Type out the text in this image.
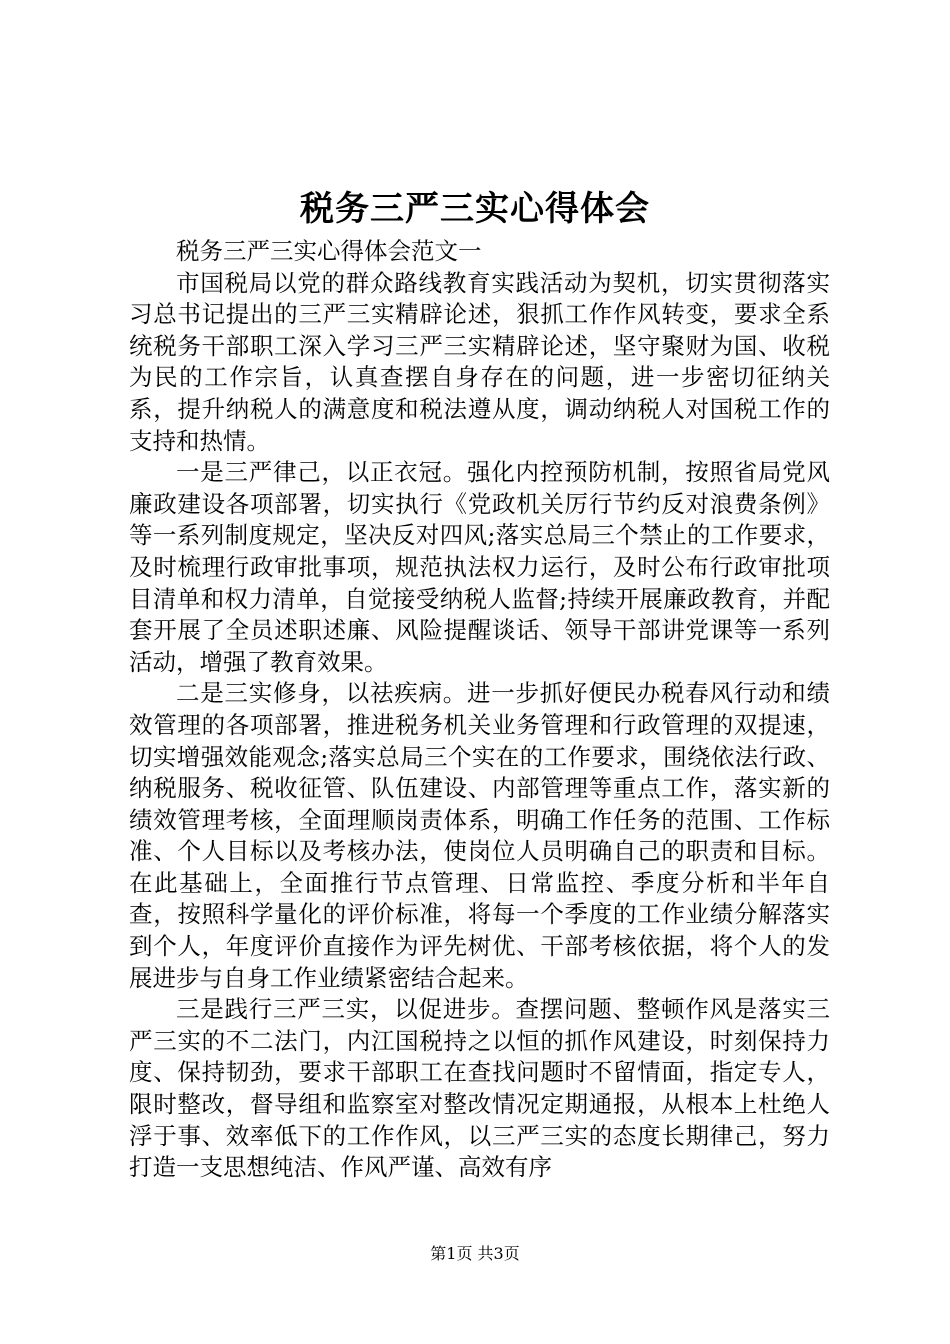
税务三严三实心得体会

税务三严三实心得体会范文一

市国税局以党的群众路线教育实践活动为契机，切实贯彻落实习总书记提出的三严三实精辟论述，狠抓工作作风转变，要求全系统税务干部职工深入学习三严三实精辟论述，坚守聚财为国、收税为民的工作宗旨，认真查摆自身存在的问题，进一步密切征纳关系，提升纳税人的满意度和税法遵从度，调动纳税人对国税工作的支持和热情。

一是三严律己，以正衣冠。强化内控预防机制，按照省局党风廉政建设各项部署，切实执行《党政机关厉行节约反对浪费条例》等一系列制度规定，坚决反对四风;落实总局三个禁止的工作要求，及时梳理行政审批事项，规范执法权力运行，及时公布行政审批项目清单和权力清单，自觉接受纳税人监督;持续开展廉政教育，并配套开展了全员述职述廉、风险提醒谈话、领导干部讲党课等一系列活动，增强了教育效果。

二是三实修身，以祛疾病。进一步抓好便民办税春风行动和绩效管理的各项部署，推进税务机关业务管理和行政管理的双提速，切实增强效能观念;落实总局三个实在的工作要求，围绕依法行政、纳税服务、税收征管、队伍建设、内部管理等重点工作，落实新的绩效管理考核，全面理顺岗责体系，明确工作任务的范围、工作标准、个人目标以及考核办法，使岗位人员明确自己的职责和目标。在此基础上，全面推行节点管理、日常监控、季度分析和半年自查，按照科学量化的评价标准，将每一个季度的工作业绩分解落实到个人，年度评价直接作为评先树优、干部考核依据，将个人的发展进步与自身工作业绩紧密结合起来。

三是践行三严三实，以促进步。查摆问题、整顿作风是落实三严三实的不二法门，内江国税持之以恒的抓作风建设，时刻保持力度、保持韧劲，要求干部职工在查找问题时不留情面，指定专人，限时整改，督导组和监察室对整改情况定期通报，从根本上杜绝人浮于事、效率低下的工作作风，以三严三实的态度长期律己，努力打造一支思想纯洁、作风严谨、高效有序

第1页 共3页
